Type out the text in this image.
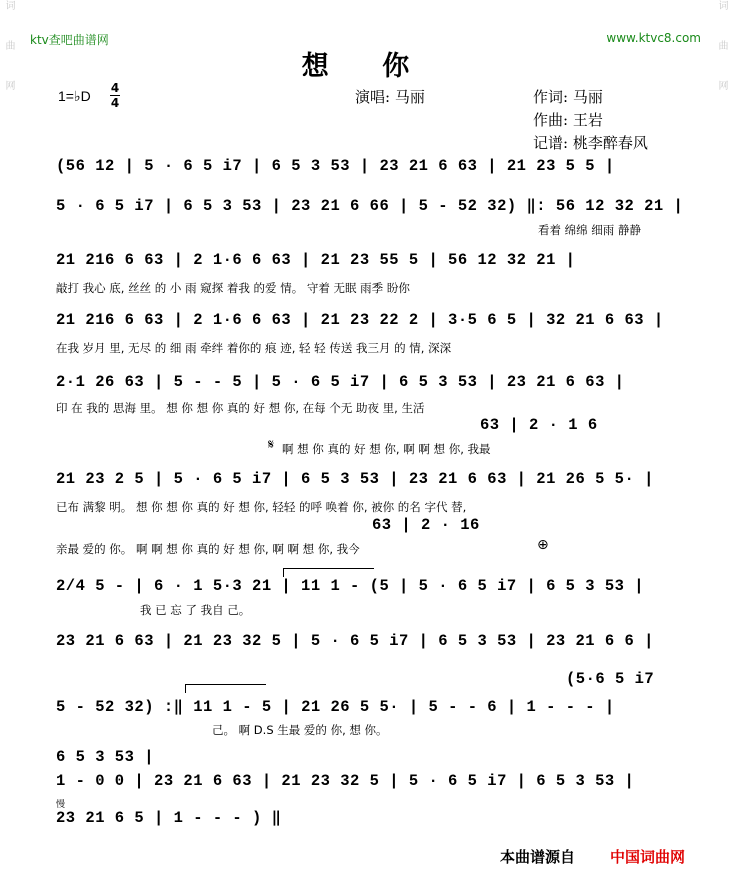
词曲网	词曲网
ktv查吧曲谱网	www.ktvc8.com
想 你
1=♭D 4
4	演唱: 马丽	作词: 马丽
作曲: 王岩
记谱: 桃李醉春风
(56 12 | 5 · 6 5 i7 | 6 5 3 53 | 23 21 6 63 | 21 23 5 5 |
5 · 6 5 i7 | 6 5 3 53 | 23 21 6 66 | 5 - 52 32) ‖: 56 12 32 21 |
看着 绵绵 细雨 静静
21 216 6 63 | 2 1·6 6 63 | 21 23 55 5 | 56 12 32 21 |
敲打 我心 底, 丝丝 的 小 雨 窥探 着我 的爱 情。 守着 无眠 雨季 盼你
21 216 6 63 | 2 1·6 6 63 | 21 23 22 2 | 3·5 6 5 | 32 21 6 63 |
在我 岁月 里, 无尽 的 细 雨 牵绊 着你的 痕 迹, 轻 轻 传送 我三月 的 情, 深深
2·1 26 63 | 5 - - 5 | 5 · 6 5 i7 | 6 5 3 53 | 23 21 6 63 |
印 在 我的 思海 里。 想 你 想 你 真的 好 想 你, 在每 个无 助夜 里, 生活
63 | 2 · 1 6
啊 想 你 真的 好 想 你, 啊 啊 想 你, 我最
𝄋
21 23 2 5 | 5 · 6 5 i7 | 6 5 3 53 | 23 21 6 63 | 21 26 5 5· |
已布 满黎 明。 想 你 想 你 真的 好 想 你, 轻轻 的呼 唤着 你, 被你 的名 字代 替,
63 | 2 · 16
亲最 爱的 你。 啊 啊 想 你 真的 好 想 你, 啊 啊 想 你, 我今	⊕
2/4 5 - | 6 · 1 5·3 21 | 11 1 - (5 | 5 · 6 5 i7 | 6 5 3 53 |
我 已 忘 了 我自 己。
23 21 6 63 | 21 23 32 5 | 5 · 6 5 i7 | 6 5 3 53 | 23 21 6 6 |
(5·6 5 i7
5 - 52 32) :‖ 11 1 - 5 | 21 26 5 5· | 5 - - 6 | 1 - - - |
己。 啊 D.S 生最 爱的 你, 想 你。
6 5 3 53 |
1 - 0 0 | 23 21 6 63 | 21 23 32 5 | 5 · 6 5 i7 | 6 5 3 53 |
慢
23 21 6 5 | 1 - - - ) ‖
本曲谱源自 中国词曲网
